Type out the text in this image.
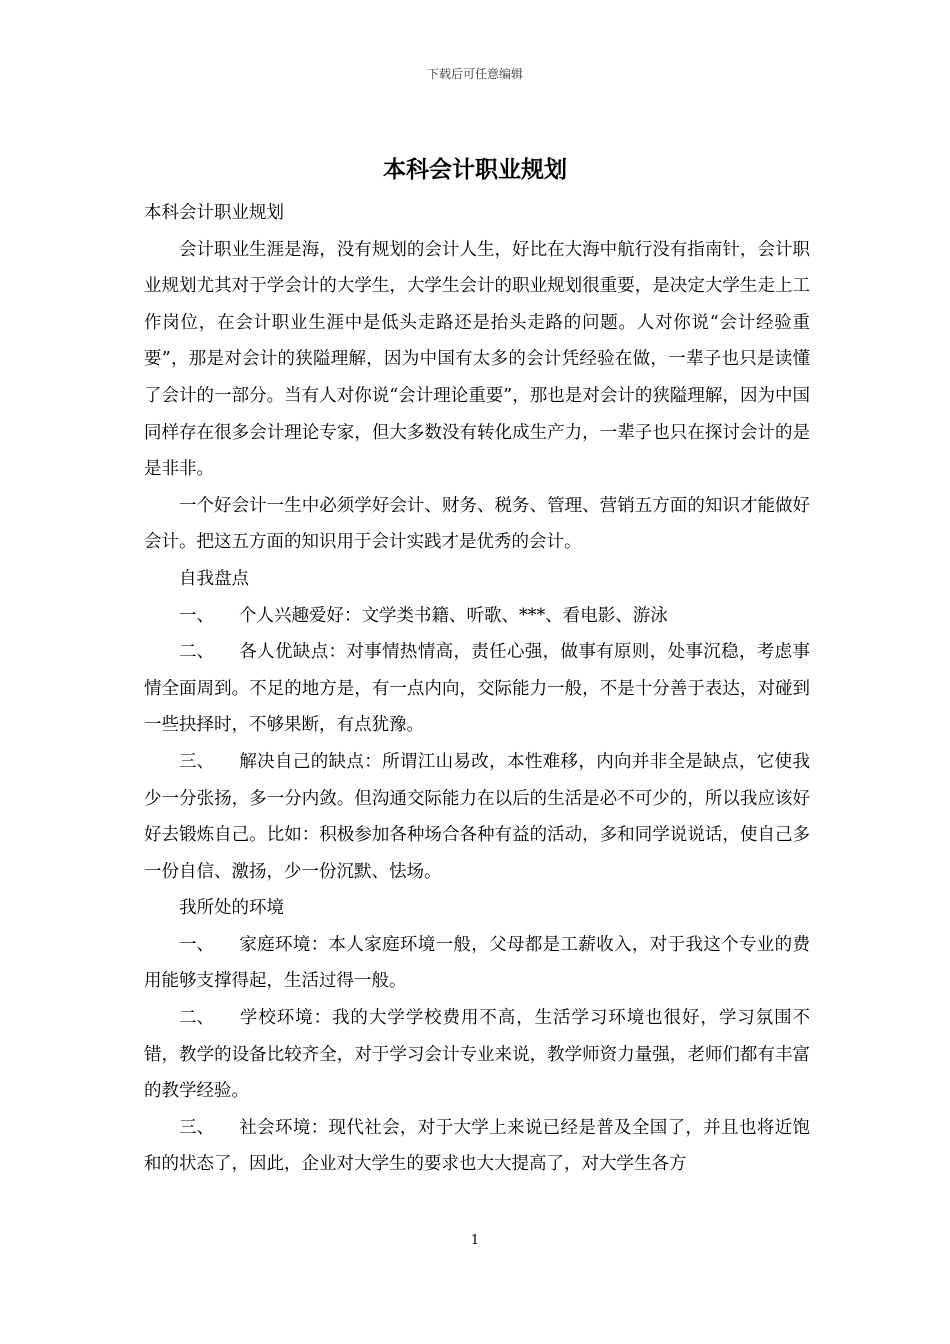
下载后可任意编辑
本科会计职业规划

本科会计职业规划

会计职业生涯是海，没有规划的会计人生，好比在大海中航行没有指南针，会计职业规划尤其对于学会计的大学生，大学生会计的职业规划很重要，是决定大学生走上工作岗位，在会计职业生涯中是低头走路还是抬头走路的问题。人对你说“会计经验重要”，那是对会计的狭隘理解，因为中国有太多的会计凭经验在做，一辈子也只是读懂了会计的一部分。当有人对你说“会计理论重要”，那也是对会计的狭隘理解，因为中国同样存在很多会计理论专家，但大多数没有转化成生产力，一辈子也只在探讨会计的是是非非。

一个好会计一生中必须学好会计、财务、税务、管理、营销五方面的知识才能做好会计。把这五方面的知识用于会计实践才是优秀的会计。

自我盘点

一、 个人兴趣爱好：文学类书籍、听歌、***、看电影、游泳

二、 各人优缺点：对事情热情高，责任心强，做事有原则，处事沉稳，考虑事情全面周到。不足的地方是，有一点内向，交际能力一般，不是十分善于表达，对碰到一些抉择时，不够果断，有点犹豫。

三、 解决自己的缺点：所谓江山易改，本性难移，内向并非全是缺点，它使我少一分张扬，多一分内敛。但沟通交际能力在以后的生活是必不可少的，所以我应该好好去锻炼自己。比如：积极参加各种场合各种有益的活动，多和同学说说话，使自己多一份自信、激扬，少一份沉默、怯场。

我所处的环境

一、 家庭环境：本人家庭环境一般，父母都是工薪收入，对于我这个专业的费用能够支撑得起，生活过得一般。

二、 学校环境：我的大学学校费用不高，生活学习环境也很好，学习氛围不错，教学的设备比较齐全，对于学习会计专业来说，教学师资力量强，老师们都有丰富的教学经验。

三、 社会环境：现代社会，对于大学上来说已经是普及全国了，并且也将近饱和的状态了，因此，企业对大学生的要求也大大提高了，对大学生各方

1
